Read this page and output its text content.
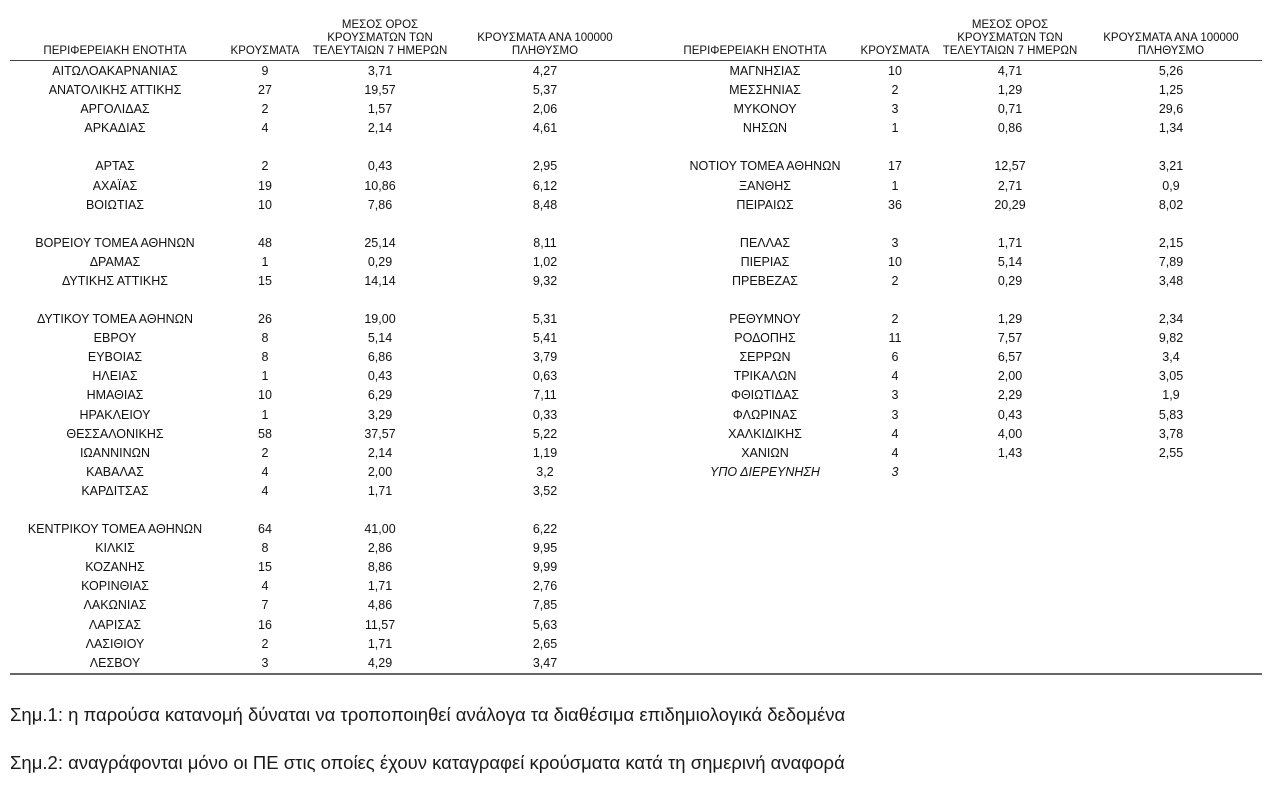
ΠΕΡΙΦΕΡΕΙΑΚΗ ΕΝΟΤΗΤΑ	ΚΡΟΥΣΜΑΤΑ
ΜΕΣΟΣ ΟΡΟΣ
ΚΡΟΥΣΜΑΤΩΝ ΤΩΝ
ΤΕΛΕΥΤΑΙΩΝ 7 ΗΜΕΡΩΝ
ΚΡΟΥΣΜΑΤΑ ΑΝΑ 100000
ΠΛΗΘΥΣΜΟ
ΑΙΤΩΛΟΑΚΑΡΝΑΝΙΑΣ	9	3,71	4,27
ΑΝΑΤΟΛΙΚΗΣ ΑΤΤΙΚΗΣ	27	19,57	5,37
ΑΡΓΟΛΙΔΑΣ	2	1,57	2,06
ΑΡΚΑΔΙΑΣ	4	2,14	4,61
ΑΡΤΑΣ	2	0,43	2,95
ΑΧΑΪΑΣ	19	10,86	6,12
ΒΟΙΩΤΙΑΣ	10	7,86	8,48
ΒΟΡΕΙΟΥ ΤΟΜΕΑ ΑΘΗΝΩΝ	48	25,14	8,11
ΔΡΑΜΑΣ	1	0,29	1,02
ΔΥΤΙΚΗΣ ΑΤΤΙΚΗΣ	15	14,14	9,32
ΔΥΤΙΚΟΥ ΤΟΜΕΑ ΑΘΗΝΩΝ	26	19,00	5,31
ΕΒΡΟΥ	8	5,14	5,41
ΕΥΒΟΙΑΣ	8	6,86	3,79
ΗΛΕΙΑΣ	1	0,43	0,63
ΗΜΑΘΙΑΣ	10	6,29	7,11
ΗΡΑΚΛΕΙΟΥ	1	3,29	0,33
ΘΕΣΣΑΛΟΝΙΚΗΣ	58	37,57	5,22
ΙΩΑΝΝΙΝΩΝ	2	2,14	1,19
ΚΑΒΑΛΑΣ	4	2,00	3,2
ΚΑΡΔΙΤΣΑΣ	4	1,71	3,52
ΚΕΝΤΡΙΚΟΥ ΤΟΜΕΑ ΑΘΗΝΩΝ	64	41,00	6,22
ΚΙΛΚΙΣ	8	2,86	9,95
ΚΟΖΑΝΗΣ	15	8,86	9,99
ΚΟΡΙΝΘΙΑΣ	4	1,71	2,76
ΛΑΚΩΝΙΑΣ	7	4,86	7,85
ΛΑΡΙΣΑΣ	16	11,57	5,63
ΛΑΣΙΘΙΟΥ	2	1,71	2,65
ΛΕΣΒΟΥ	3	4,29	3,47
ΠΕΡΙΦΕΡΕΙΑΚΗ ΕΝΟΤΗΤΑ	ΚΡΟΥΣΜΑΤΑ
ΜΕΣΟΣ ΟΡΟΣ
ΚΡΟΥΣΜΑΤΩΝ ΤΩΝ
ΤΕΛΕΥΤΑΙΩΝ 7 ΗΜΕΡΩΝ
ΚΡΟΥΣΜΑΤΑ ΑΝΑ 100000
ΠΛΗΘΥΣΜΟ
ΜΑΓΝΗΣΙΑΣ	10	4,71	5,26
ΜΕΣΣΗΝΙΑΣ	2	1,29	1,25
ΜΥΚΟΝΟΥ	3	0,71	29,6
ΝΗΣΩΝ	1	0,86	1,34
ΝΟΤΙΟΥ ΤΟΜΕΑ ΑΘΗΝΩΝ	17	12,57	3,21
ΞΑΝΘΗΣ	1	2,71	0,9
ΠΕΙΡΑΙΩΣ	36	20,29	8,02
ΠΕΛΛΑΣ	3	1,71	2,15
ΠΙΕΡΙΑΣ	10	5,14	7,89
ΠΡΕΒΕΖΑΣ	2	0,29	3,48
ΡΕΘΥΜΝΟΥ	2	1,29	2,34
ΡΟΔΟΠΗΣ	11	7,57	9,82
ΣΕΡΡΩΝ	6	6,57	3,4
ΤΡΙΚΑΛΩΝ	4	2,00	3,05
ΦΘΙΩΤΙΔΑΣ	3	2,29	1,9
ΦΛΩΡΙΝΑΣ	3	0,43	5,83
ΧΑΛΚΙΔΙΚΗΣ	4	4,00	3,78
ΧΑΝΙΩΝ	4	1,43	2,55
ΥΠΟ ΔΙΕΡΕΥΝΗΣΗ	3
Σημ.1: η παρούσα κατανομή δύναται να τροποποιηθεί ανάλογα τα διαθέσιμα επιδημιολογικά δεδομένα
Σημ.2: αναγράφονται μόνο οι ΠΕ στις οποίες έχουν καταγραφεί κρούσματα κατά τη σημερινή αναφορά
